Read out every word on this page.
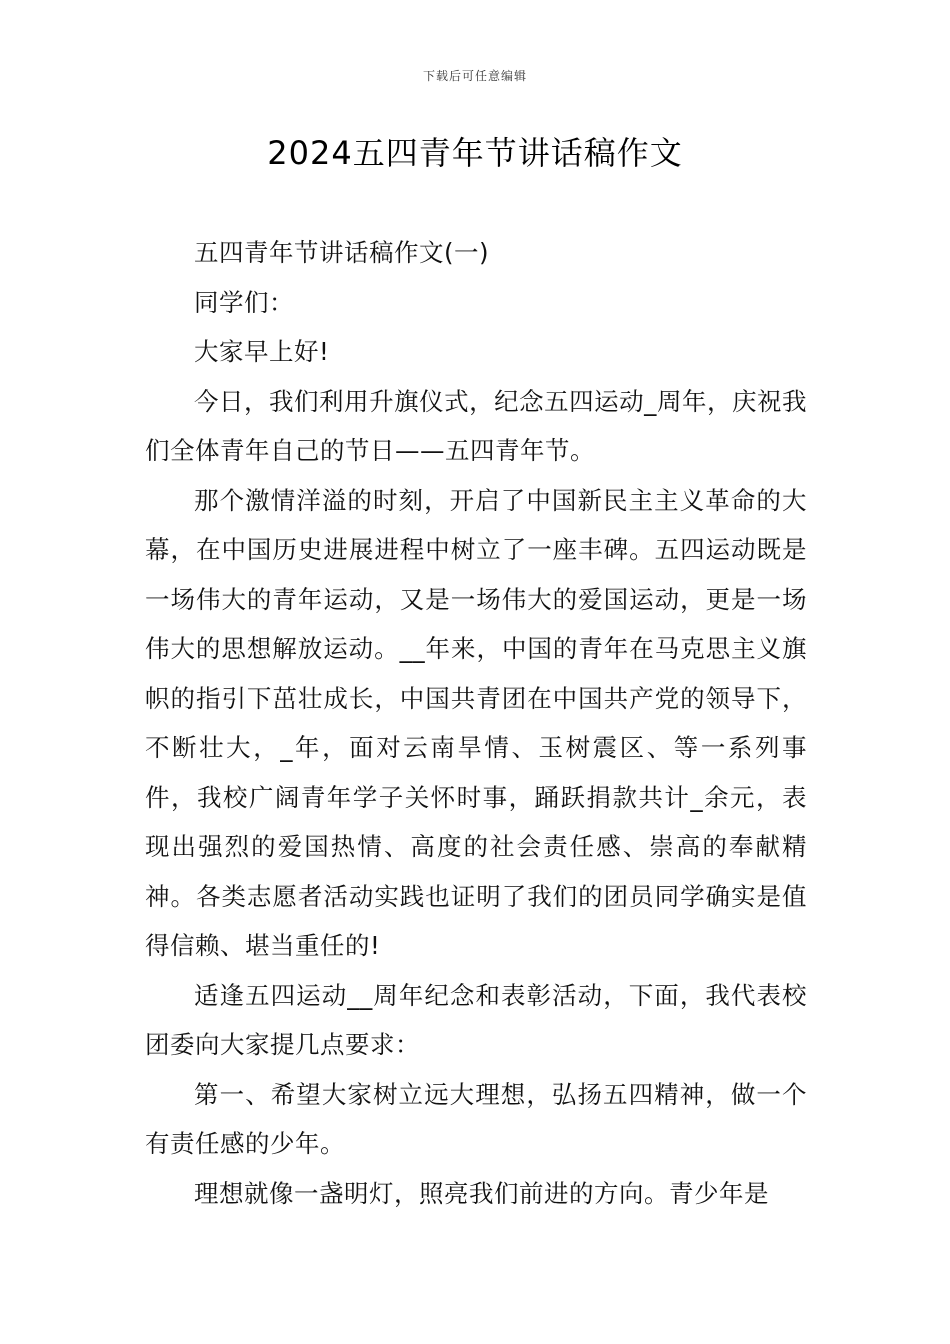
下载后可任意编辑
2024五四青年节讲话稿作文

五四青年节讲话稿作文(一)

同学们：

大家早上好!

今日，我们利用升旗仪式，纪念五四运动_周年，庆祝我们全体青年自己的节日——五四青年节。

那个激情洋溢的时刻，开启了中国新民主主义革命的大幕，在中国历史进展进程中树立了一座丰碑。五四运动既是一场伟大的青年运动，又是一场伟大的爱国运动，更是一场伟大的思想解放运动。__年来，中国的青年在马克思主义旗帜的指引下茁壮成长，中国共青团在中国共产党的领导下，不断壮大，_年，面对云南旱情、玉树震区、等一系列事件，我校广阔青年学子关怀时事，踊跃捐款共计_余元，表现出强烈的爱国热情、高度的社会责任感、崇高的奉献精神。各类志愿者活动实践也证明了我们的团员同学确实是值得信赖、堪当重任的!

适逢五四运动__周年纪念和表彰活动，下面，我代表校团委向大家提几点要求：

第一、希望大家树立远大理想，弘扬五四精神，做一个有责任感的少年。

理想就像一盏明灯，照亮我们前进的方向。青少年是
